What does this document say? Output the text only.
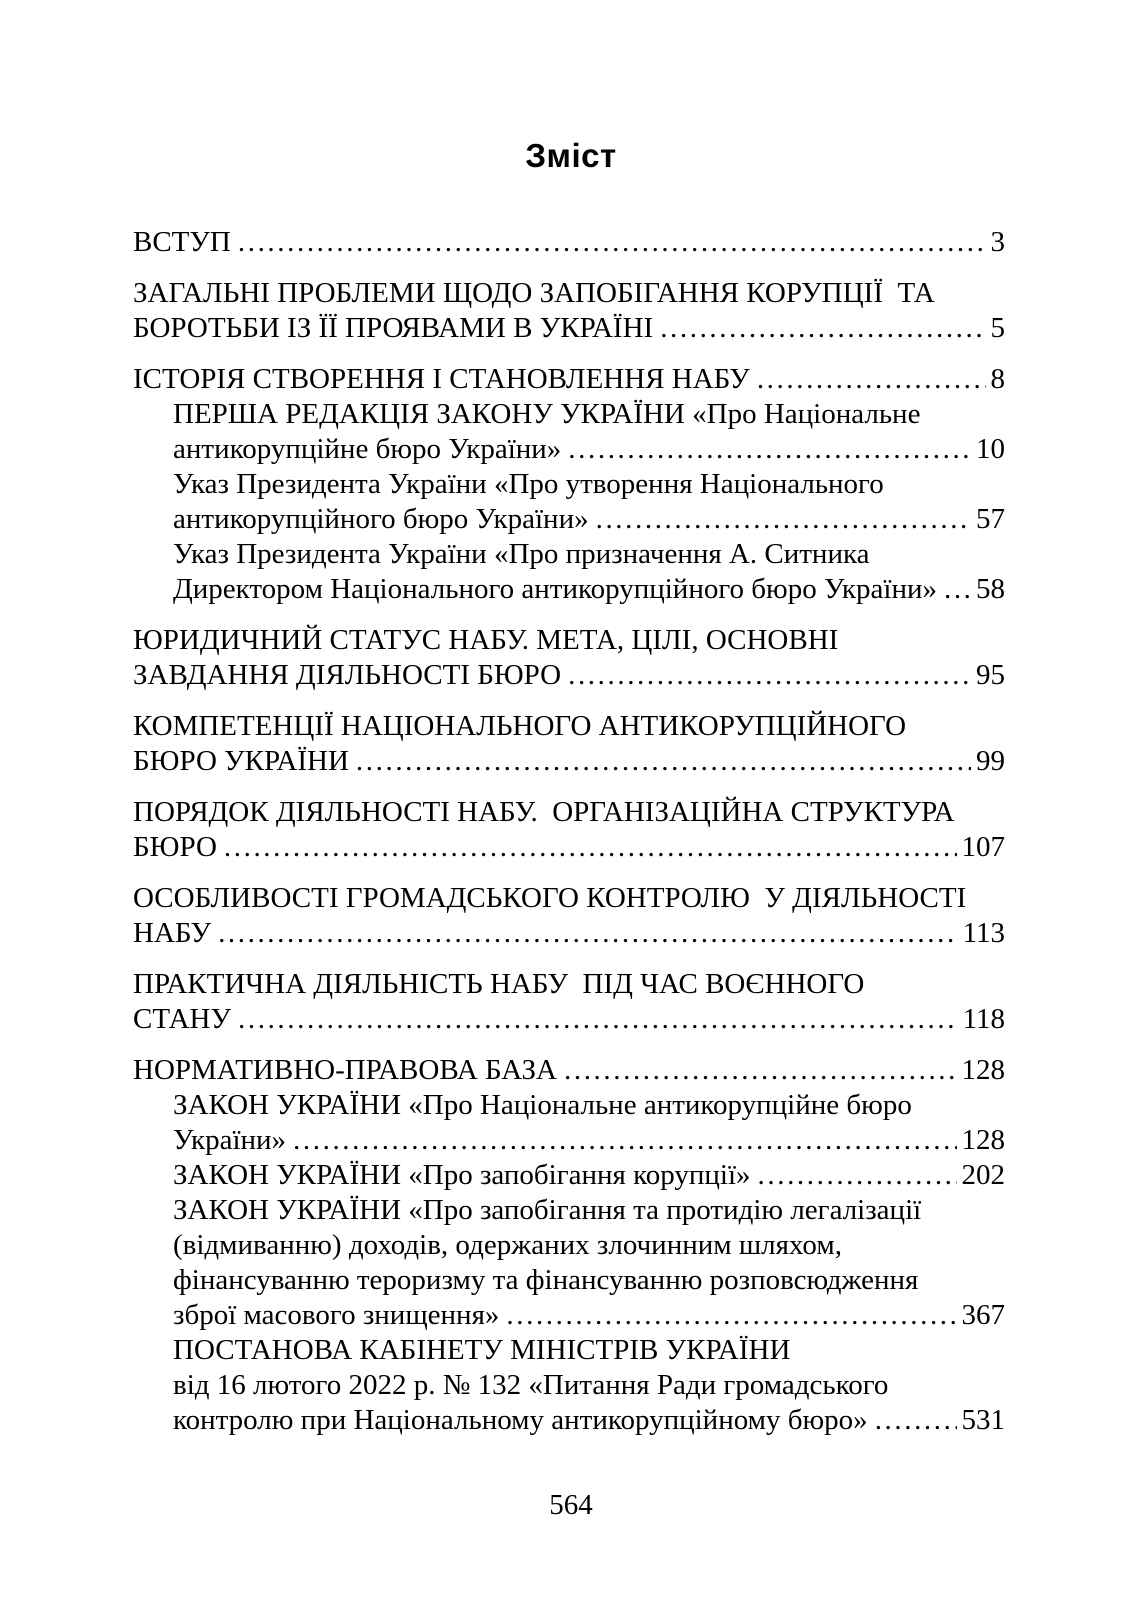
Зміст
ВСТУП .....	3
ЗАГАЛЬНІ ПРОБЛЕМИ ЩОДО ЗАПОБІГАННЯ КОРУПЦІЇ  ТА
БОРОТЬБИ ІЗ ЇЇ ПРОЯВАМИ В УКРАЇНІ .....	5
ІСТОРІЯ СТВОРЕННЯ І СТАНОВЛЕННЯ НАБУ .....	8
ПЕРША РЕДАКЦІЯ ЗАКОНУ УКРАЇНИ «Про Національне
антикорупційне бюро України» .....	10
Указ Президента України «Про утворення Національного
антикорупційного бюро України» .....	57
Указ Президента України «Про призначення А. Ситника
Директором Національного антикорупційного бюро України» ..... 58
ЮРИДИЧНИЙ СТАТУС НАБУ. МЕТА, ЦІЛІ, ОСНОВНІ
ЗАВДАННЯ ДІЯЛЬНОСТІ БЮРО .....	95
КОМПЕТЕНЦІЇ НАЦІОНАЛЬНОГО АНТИКОРУПЦІЙНОГО
БЮРО УКРАЇНИ .....	99
ПОРЯДОК ДІЯЛЬНОСТІ НАБУ.  ОРГАНІЗАЦІЙНА СТРУКТУРА
БЮРО .....	107
ОСОБЛИВОСТІ ГРОМАДСЬКОГО КОНТРОЛЮ  У ДІЯЛЬНОСТІ
НАБУ .....	113
ПРАКТИЧНА ДІЯЛЬНІСТЬ НАБУ  ПІД ЧАС ВОЄННОГО
СТАНУ .....	118
НОРМАТИВНО-ПРАВОВА БАЗА .....	128
ЗАКОН УКРАЇНИ «Про Національне антикорупційне бюро
України» .....	128
ЗАКОН УКРАЇНИ «Про запобігання корупції» .....	202
ЗАКОН УКРАЇНИ «Про запобігання та протидію легалізації
(відмиванню) доходів, одержаних злочинним шляхом,
фінансуванню тероризму та фінансуванню розповсюдження
зброї масового знищення» .....	367
ПОСТАНОВА КАБІНЕТУ МІНІСТРІВ УКРАЇНИ
від 16 лютого 2022 р. № 132 «Питання Ради громадського
контролю при Національному антикорупційному бюро» .....	531
564
